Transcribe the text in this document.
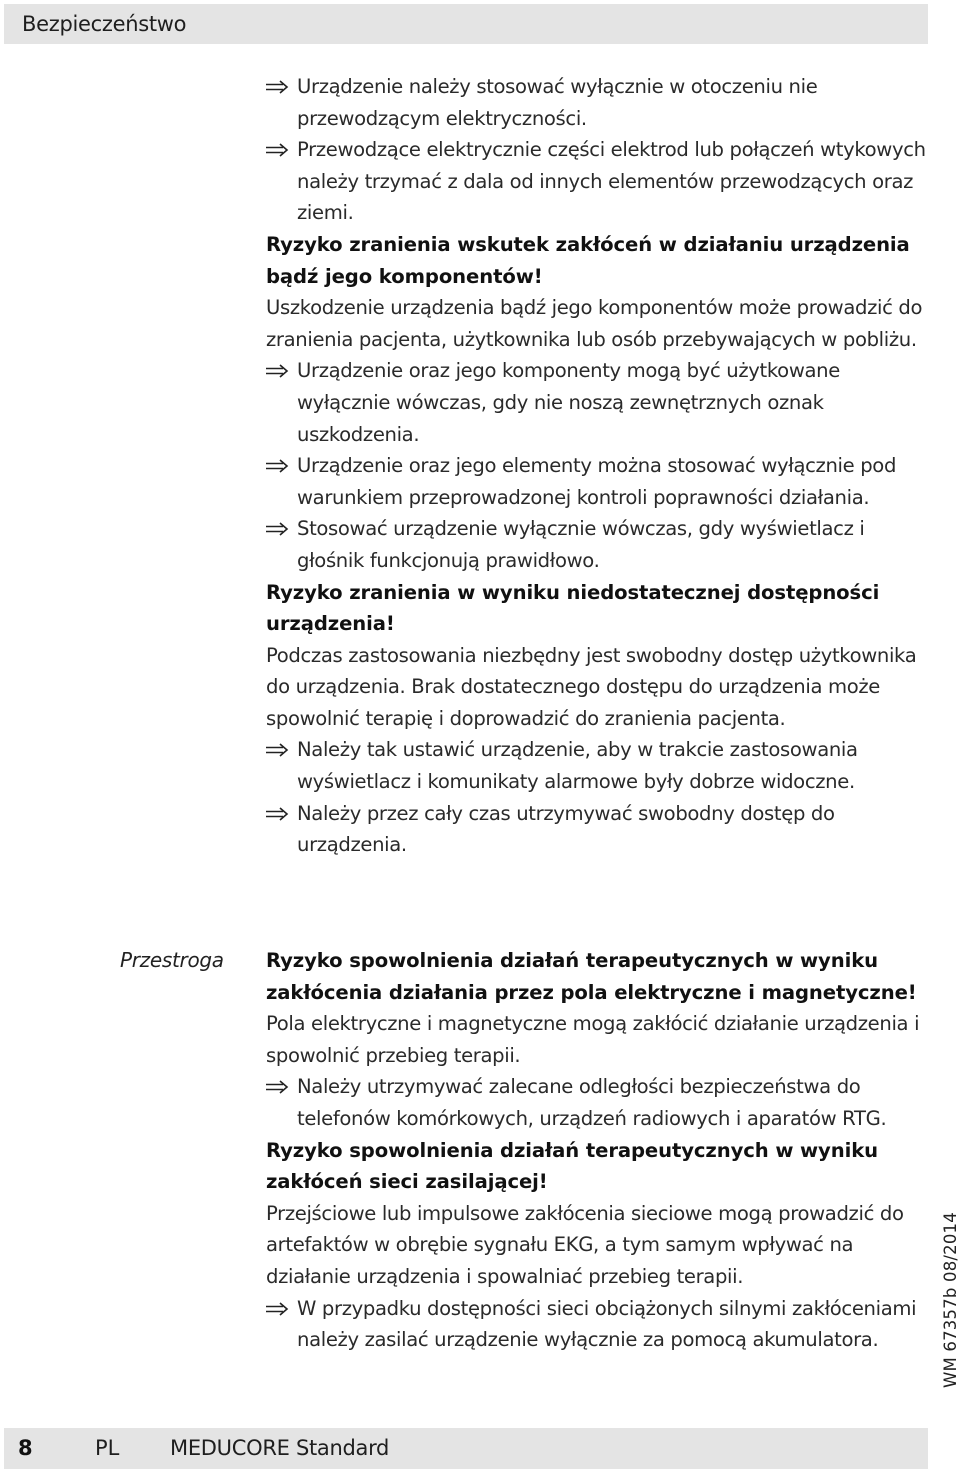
Bezpieczeństwo

Urządzenie należy stosować wyłącznie w otoczeniu nie przewodzącym elektryczności.

Przewodzące elektrycznie części elektrod lub połączeń wtykowych należy trzymać z dala od innych elementów przewodzących oraz ziemi.

Ryzyko zranienia wskutek zakłóceń w działaniu urządzenia bądź jego komponentów!

Uszkodzenie urządzenia bądź jego komponentów może prowadzić do zranienia pacjenta, użytkownika lub osób przebywających w pobliżu.

Urządzenie oraz jego komponenty mogą być użytkowane wyłącznie wówczas, gdy nie noszą zewnętrznych oznak uszkodzenia.

Urządzenie oraz jego elementy można stosować wyłącznie pod warunkiem przeprowadzonej kontroli poprawności działania.

Stosować urządzenie wyłącznie wówczas, gdy wyświetlacz i głośnik funkcjonują prawidłowo.

Ryzyko zranienia w wyniku niedostatecznej dostępności urządzenia!

Podczas zastosowania niezbędny jest swobodny dostęp użytkownika do urządzenia. Brak dostatecznego dostępu do urządzenia może spowolnić terapię i doprowadzić do zranienia pacjenta.

Należy tak ustawić urządzenie, aby w trakcie zastosowania wyświetlacz i komunikaty alarmowe były dobrze widoczne.

Należy przez cały czas utrzymywać swobodny dostęp do urządzenia.

Przestroga Ryzyko spowolnienia działań terapeutycznych w wyniku zakłócenia działania przez pola elektryczne i magnetyczne!

Pola elektryczne i magnetyczne mogą zakłócić działanie urządzenia i spowolnić przebieg terapii.

Należy utrzymywać zalecane odległości bezpieczeństwa do telefonów komórkowych, urządzeń radiowych i aparatów RTG.

Ryzyko spowolnienia działań terapeutycznych w wyniku zakłóceń sieci zasilającej!

Przejściowe lub impulsowe zakłócenia sieciowe mogą prowadzić do artefaktów w obrębie sygnału EKG, a tym samym wpływać na działanie urządzenia i spowalniać przebieg terapii.

W przypadku dostępności sieci obciążonych silnymi zakłóceniami należy zasilać urządzenie wyłącznie za pomocą akumulatora.	WM 67357b 08/2014
8	PL MEDUCORE Standard
